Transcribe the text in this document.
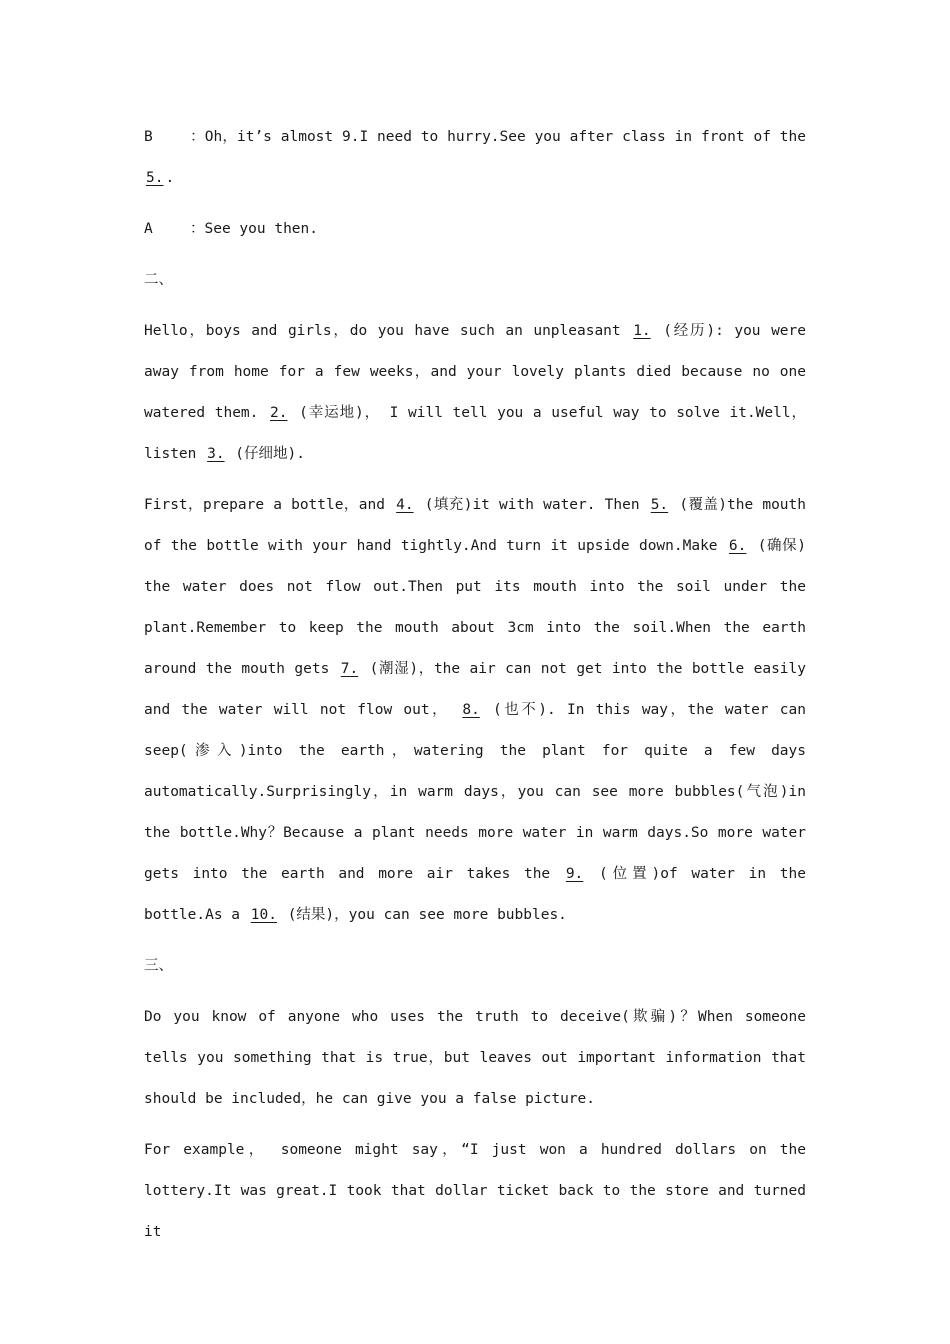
B	：Oh，it’s almost 9.I need to hurry.See you after class in front of the 5. .

A	：See you then.

二、

Hello，boys and girls，do you have such an unpleasant 1. (经历): you were away from home for a few weeks，and your lovely plants died because no one watered them. 2. (幸运地)， I will tell you a useful way to solve it.Well，listen 3. (仔细地).

First，prepare a bottle，and 4. (填充)it with water. Then 5. (覆盖)the mouth of the bottle with your hand tightly.And turn it upside down.Make 6. (确保) the water does not flow out.Then put its mouth into the soil under the plant.Remember to keep the mouth about 3cm into the soil.When the earth around the mouth gets 7. (潮湿)，the air can not get into the bottle easily and the water will not flow out， 8. (也不). In this way，the water can seep(渗入)into the earth，watering the plant for quite a few days automatically.Surprisingly，in warm days，you can see more bubbles(气泡)in the bottle.Why？Because a plant needs more water in warm days.So more water gets into the earth and more air takes the 9. (位置)of water in the bottle.As a 10. (结果)，you can see more bubbles.

三、

Do you know of anyone who uses the truth to deceive(欺骗)？When someone tells you something that is true，but leaves out important information that should be included，he can give you a false picture.

For example， someone might say，“I just won a hundred dollars on the lottery.It was great.I took that dollar ticket back to the store and turned it
